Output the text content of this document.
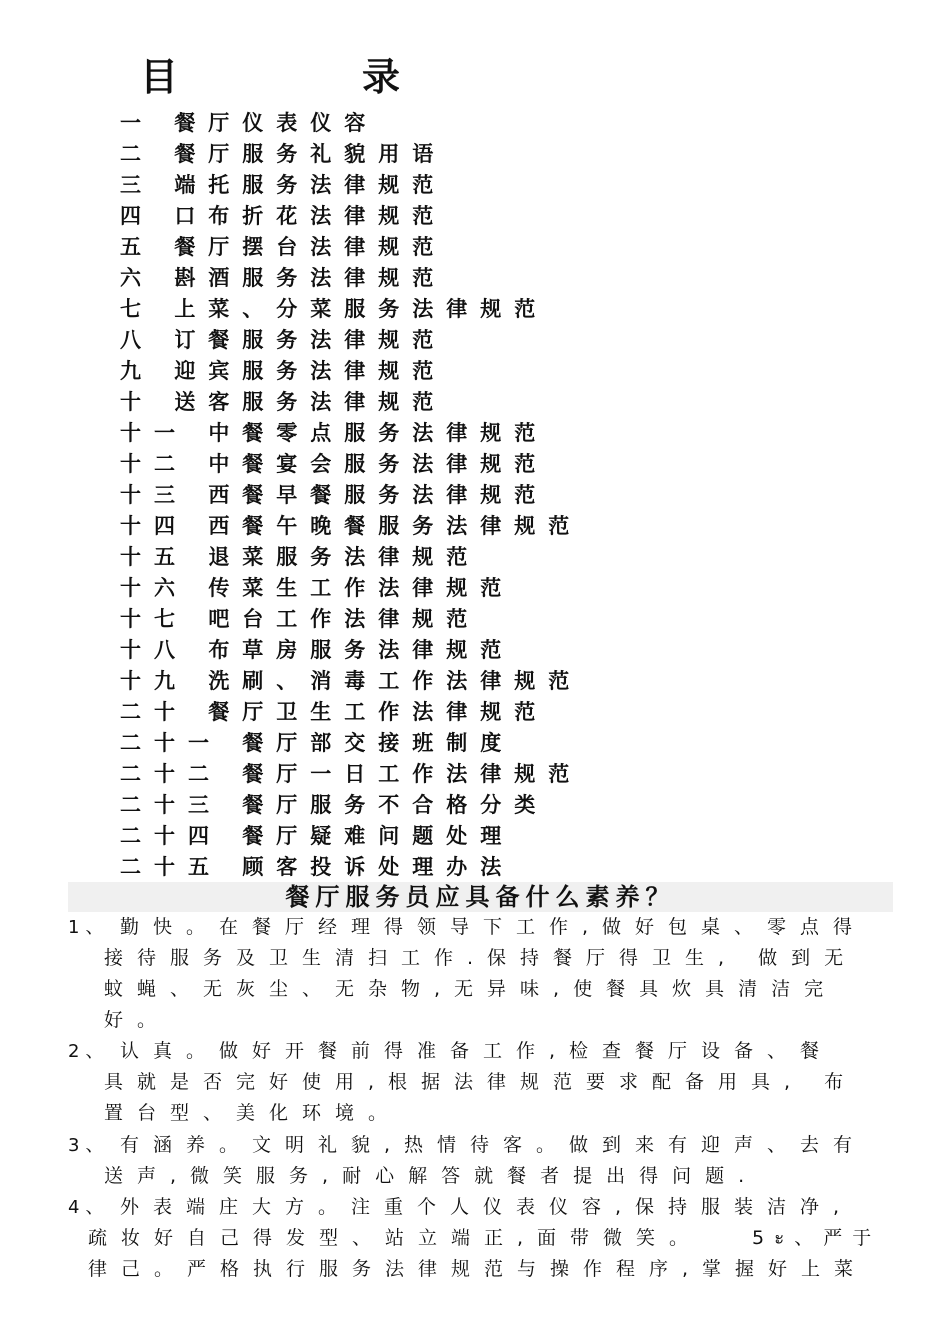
目	录
一 餐厅仪表仪容
二 餐厅服务礼貌用语
三 端托服务法律规范
四 口布折花法律规范
五 餐厅摆台法律规范
六 斟酒服务法律规范
七 上菜、分菜服务法律规范
八 订餐服务法律规范
九 迎宾服务法律规范
十 送客服务法律规范
十一 中餐零点服务法律规范
十二 中餐宴会服务法律规范
十三 西餐早餐服务法律规范
十四 西餐午晚餐服务法律规范
十五 退菜服务法律规范
十六 传菜生工作法律规范
十七 吧台工作法律规范
十八 布草房服务法律规范
十九 洗刷、消毒工作法律规范
二十 餐厅卫生工作法律规范
二十一 餐厅部交接班制度
二十二 餐厅一日工作法律规范
二十三 餐厅服务不合格分类
二十四 餐厅疑难问题处理
二十五 顾客投诉处理办法
餐厅服务员应具备什么素养？
1、 勤快。在餐厅经理得领导下工作,做好包桌、零点得
接待服务及卫生清扫工作.保持餐厅得卫生, 做到无
蚊蝇、无灰尘、无杂物,无异味,使餐具炊具清洁完
好。
2、 认真。做好开餐前得准备工作,检查餐厅设备、餐
具就是否完好使用,根据法律规范要求配备用具, 布
置台型、美化环境。
3、 有涵养。文明礼貌,热情待客。做到来有迎声、去有
送声,微笑服务,耐心解答就餐者提出得问题.
4、 外表端庄大方。注重个人仪表仪容,保持服装洁净,
疏妆好自己得发型、站立端正,面带微笑。	5ะ、严于
律己。严格执行服务法律规范与操作程序,掌握好上菜
